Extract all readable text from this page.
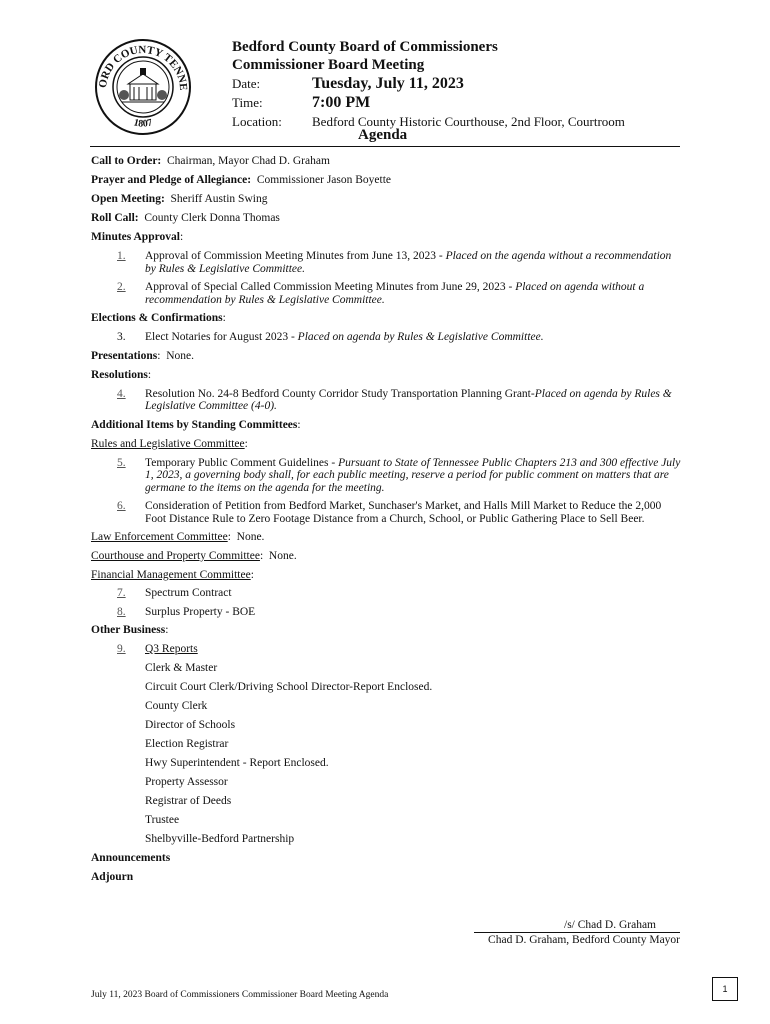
ORD COUNTY TENNE
1807
Bedford County Board of Commissioners
Commissioner Board Meeting
Date:	Tuesday, July 11, 2023
Time:	7:00 PM
Location:	Bedford County Historic Courthouse, 2nd Floor, Courtroom
Agenda
Call to Order: Chairman, Mayor Chad D. Graham
Prayer and Pledge of Allegiance: Commissioner Jason Boyette
Open Meeting: Sheriff Austin Swing
Roll Call: County Clerk Donna Thomas
Minutes Approval:
1.	Approval of Commission Meeting Minutes from June 13, 2023 - Placed on the agenda without a recommendation by Rules & Legislative Committee.
2.	Approval of Special Called Commission Meeting Minutes from June 29, 2023 - Placed on agenda without a recommendation by Rules & Legislative Committee.
Elections & Confirmations:
3.	Elect Notaries for August 2023 - Placed on agenda by Rules & Legislative Committee.
Presentations:  None.
Resolutions:
4.	Resolution No. 24-8 Bedford County Corridor Study Transportation Planning Grant-Placed on agenda by Rules & Legislative Committee (4-0).
Additional Items by Standing Committees:
Rules and Legislative Committee:
5.	Temporary Public Comment Guidelines - Pursuant to State of Tennessee Public Chapters 213 and 300 effective July 1, 2023, a governing body shall, for each public meeting, reserve a period for public comment on matters that are germane to the items on the agenda for the meeting.
6.	Consideration of Petition from Bedford Market, Sunchaser's Market, and Halls Mill Market to Reduce the 2,000 Foot Distance Rule to Zero Footage Distance from a Church, School, or Public Gathering Place to Sell Beer.
Law Enforcement Committee:  None.
Courthouse and Property Committee:  None.
Financial Management Committee:
7.	Spectrum Contract
8.	Surplus Property - BOE
Other Business:
9.	Q3 Reports
Clerk & Master
Circuit Court Clerk/Driving School Director-Report Enclosed.
County Clerk
Director of Schools
Election Registrar
Hwy Superintendent - Report Enclosed.
Property Assessor
Registrar of Deeds
Trustee
Shelbyville-Bedford Partnership
Announcements
Adjourn
/s/ Chad D. Graham
Chad D. Graham, Bedford County Mayor
July 11, 2023 Board of Commissioners Commissioner Board Meeting Agenda
1
